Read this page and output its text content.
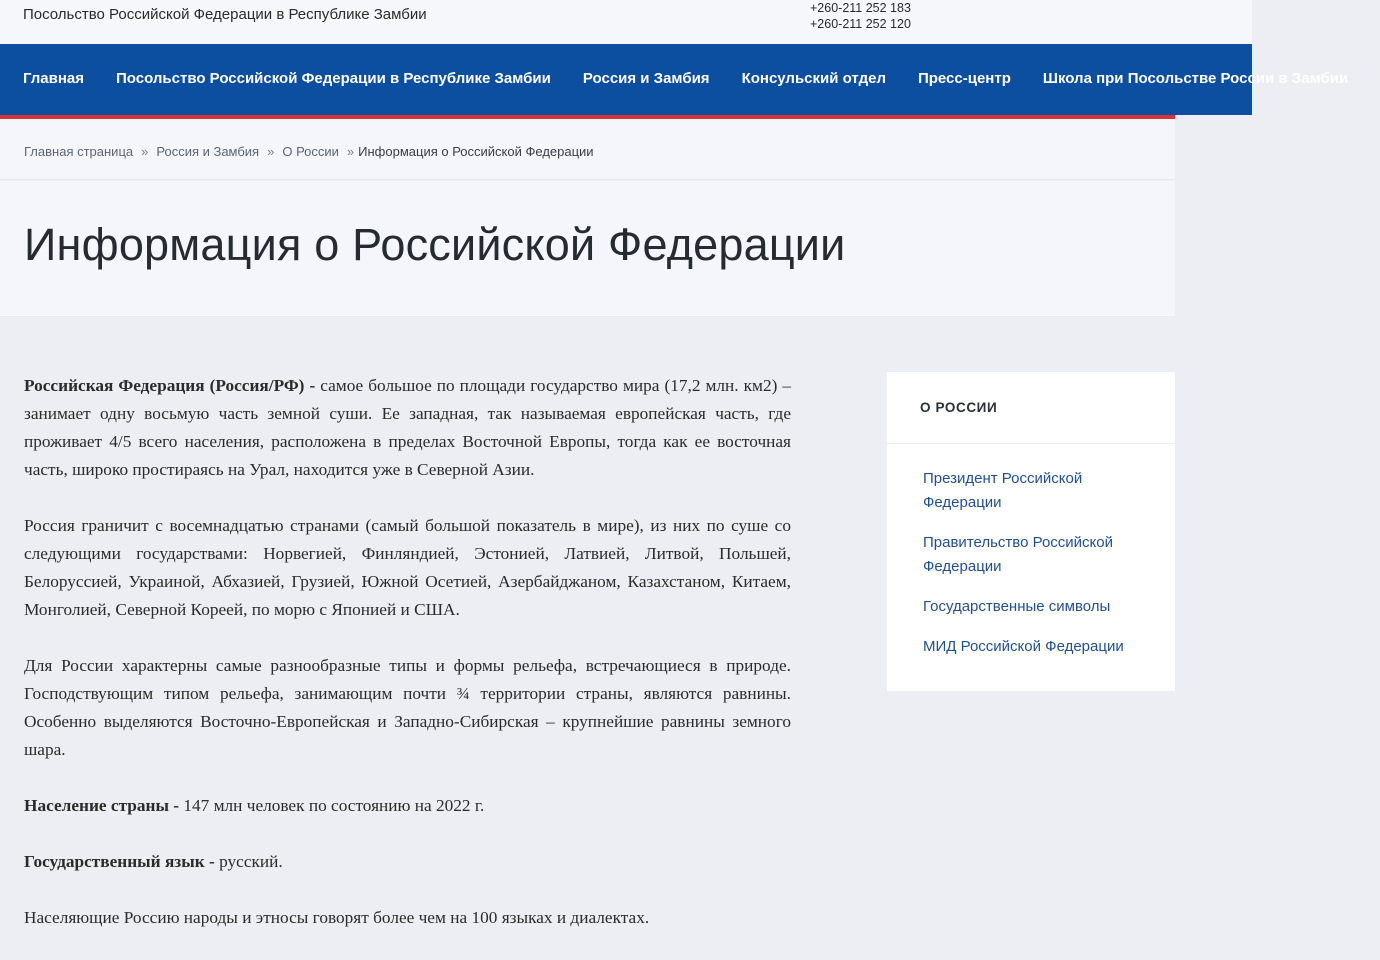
Посольство Российской Федерации в Республике Замбии	+260-211 252 183
+260-211 252 120
Главная Посольство Российской Федерации в Республике Замбии Россия и Замбия Консульский отдел Пресс-центр Школа при Посольстве России в Замбии
Главная страница » Россия и Замбия » О России » Информация о Российской Федерации
Информация о Российской Федерации

Российская Федерация (Россия/РФ) - самое большое по площади государство мира (17,2 млн. км2) – занимает одну восьмую часть земной суши. Ее западная, так называемая европейская часть, где проживает 4/5 всего населения, расположена в пределах Восточной Европы, тогда как ее восточная часть, широко простираясь на Урал, находится уже в Северной Азии.

Россия граничит с восемнадцатью странами (самый большой показатель в мире), из них по суше со следующими государствами: Норвегией, Финляндией, Эстонией, Латвией, Литвой, Польшей, Белоруссией, Украиной, Абхазией, Грузией, Южной Осетией, Азербайджаном, Казахстаном, Китаем, Монголией, Северной Кореей, по морю с Японией и США.

Для России характерны самые разнообразные типы и формы рельефа, встречающиеся в природе. Господствующим типом рельефа, занимающим почти ¾ территории страны, являются равнины. Особенно выделяются Восточно-Европейская и Западно-Сибирская – крупнейшие равнины земного шара.

Население страны - 147 млн человек по состоянию на 2022 г.

Государственный язык - русский.

Населяющие Россию народы и этносы говорят более чем на 100 языках и диалектах.

О РОССИИ
Президент Российской Федерации
Правительство Российской Федерации
Государственные символы
МИД Российской Федерации
